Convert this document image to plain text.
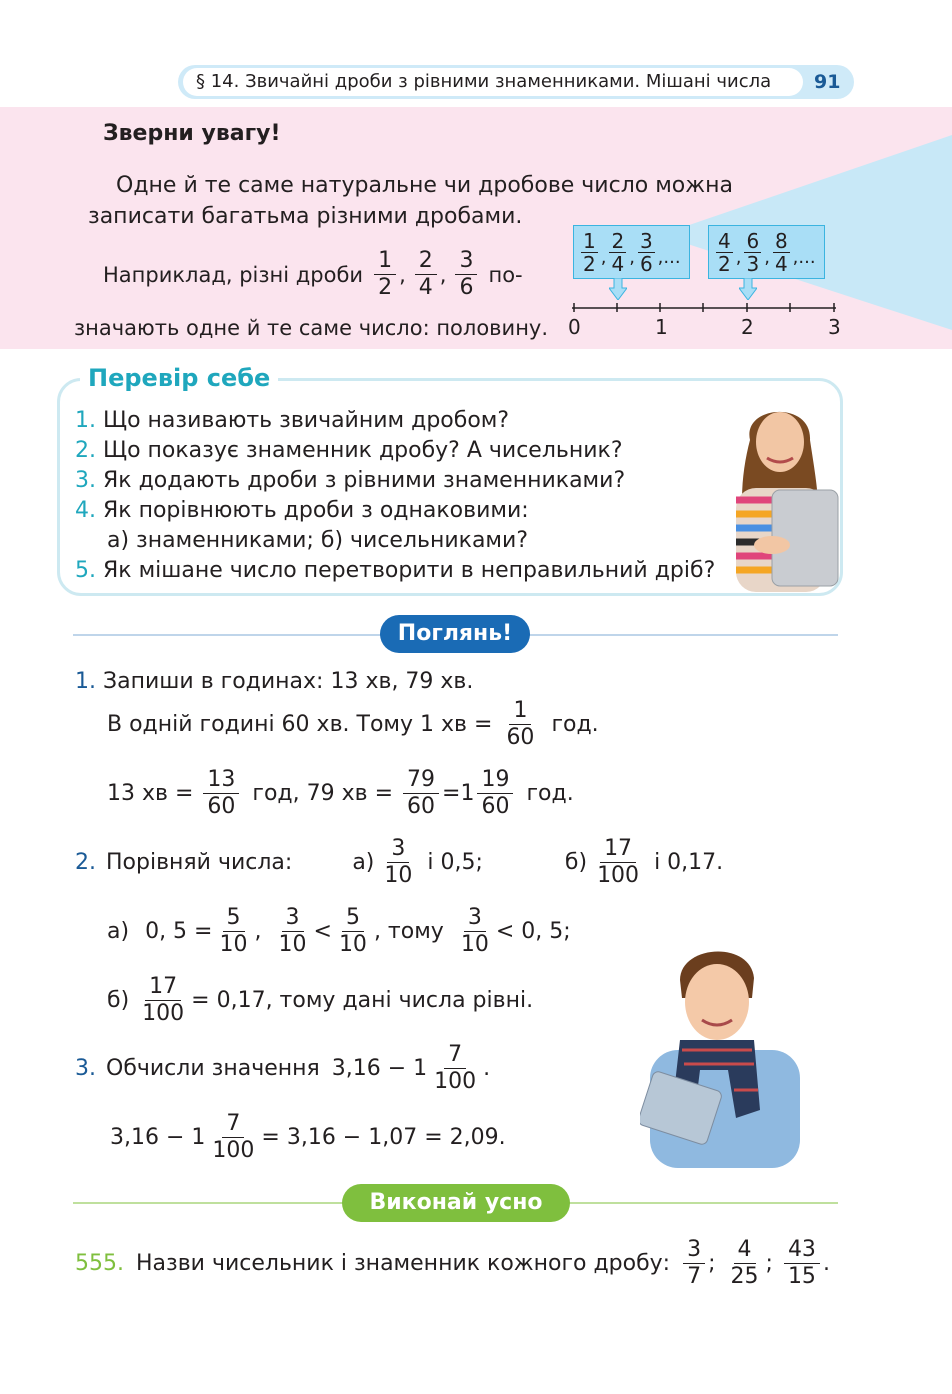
§ 14. Звичайні дроби з рівними знаменниками. Мішані числа 91
Зверни увагу!
Одне й те саме натуральне чи дробове число можна записати багатьма різними дробами.
Наприклад, різні дроби $\frac{1}{2}$ , $\frac{2}{4}$ , $\frac{3}{6} по-$
значають одне й те саме число: половину.
$\frac{1}{2}$ , $\frac{2}{4}$ , $\frac{3}{6}$ , ... $\frac{4}{2}$ , $\frac{6}{3}$ , $\frac{8}{4}$ , ...
0	1	2	3
Перевір себе
1. Що називають звичайним дробом?
2. Що показує знаменник дробу? А чисельник?
3. Як додають дроби з рівними знаменниками?
4. Як порівнюють дроби з однаковими:
а) знаменниками; б) чисельниками?
5. Як мішане число перетворити в неправильний дріб?
Поглянь!
1. Запиши в годинах: 13 хв, 79 хв.
В одній годині 60 хв. Тому 1 хв = $\frac{1}{60}$ год.
13 хв = $\frac{13}{60}$ год, 79 хв = $\frac{79}{60} =1 \frac{19}{60}$ год.
2. Порівняй числа:	$а) \frac{3}{10}$ і 0,5;	$б) \frac{17}{100}$ і 0,17.
а) 0, $5 = \frac{5}{10}$ , $\frac{3}{10} < \frac{5}{10}$ , тому $\frac{3}{10} < 0$, 5;
$б) \frac{17}{100} = 0,17$, тому дані числа рівні.
3. Обчисли значення $3,16 - 1 \frac{7}{100}$ .
$3,16 - 1 \frac{7}{100} = 3,16 - 1,07 = 2,09$.
Виконай усно
555. Назви чисельник і знаменник кожного дробу: $\frac{3}{7}$ ; $\frac{4}{25}$ ; $\frac{43}{15}$ .
